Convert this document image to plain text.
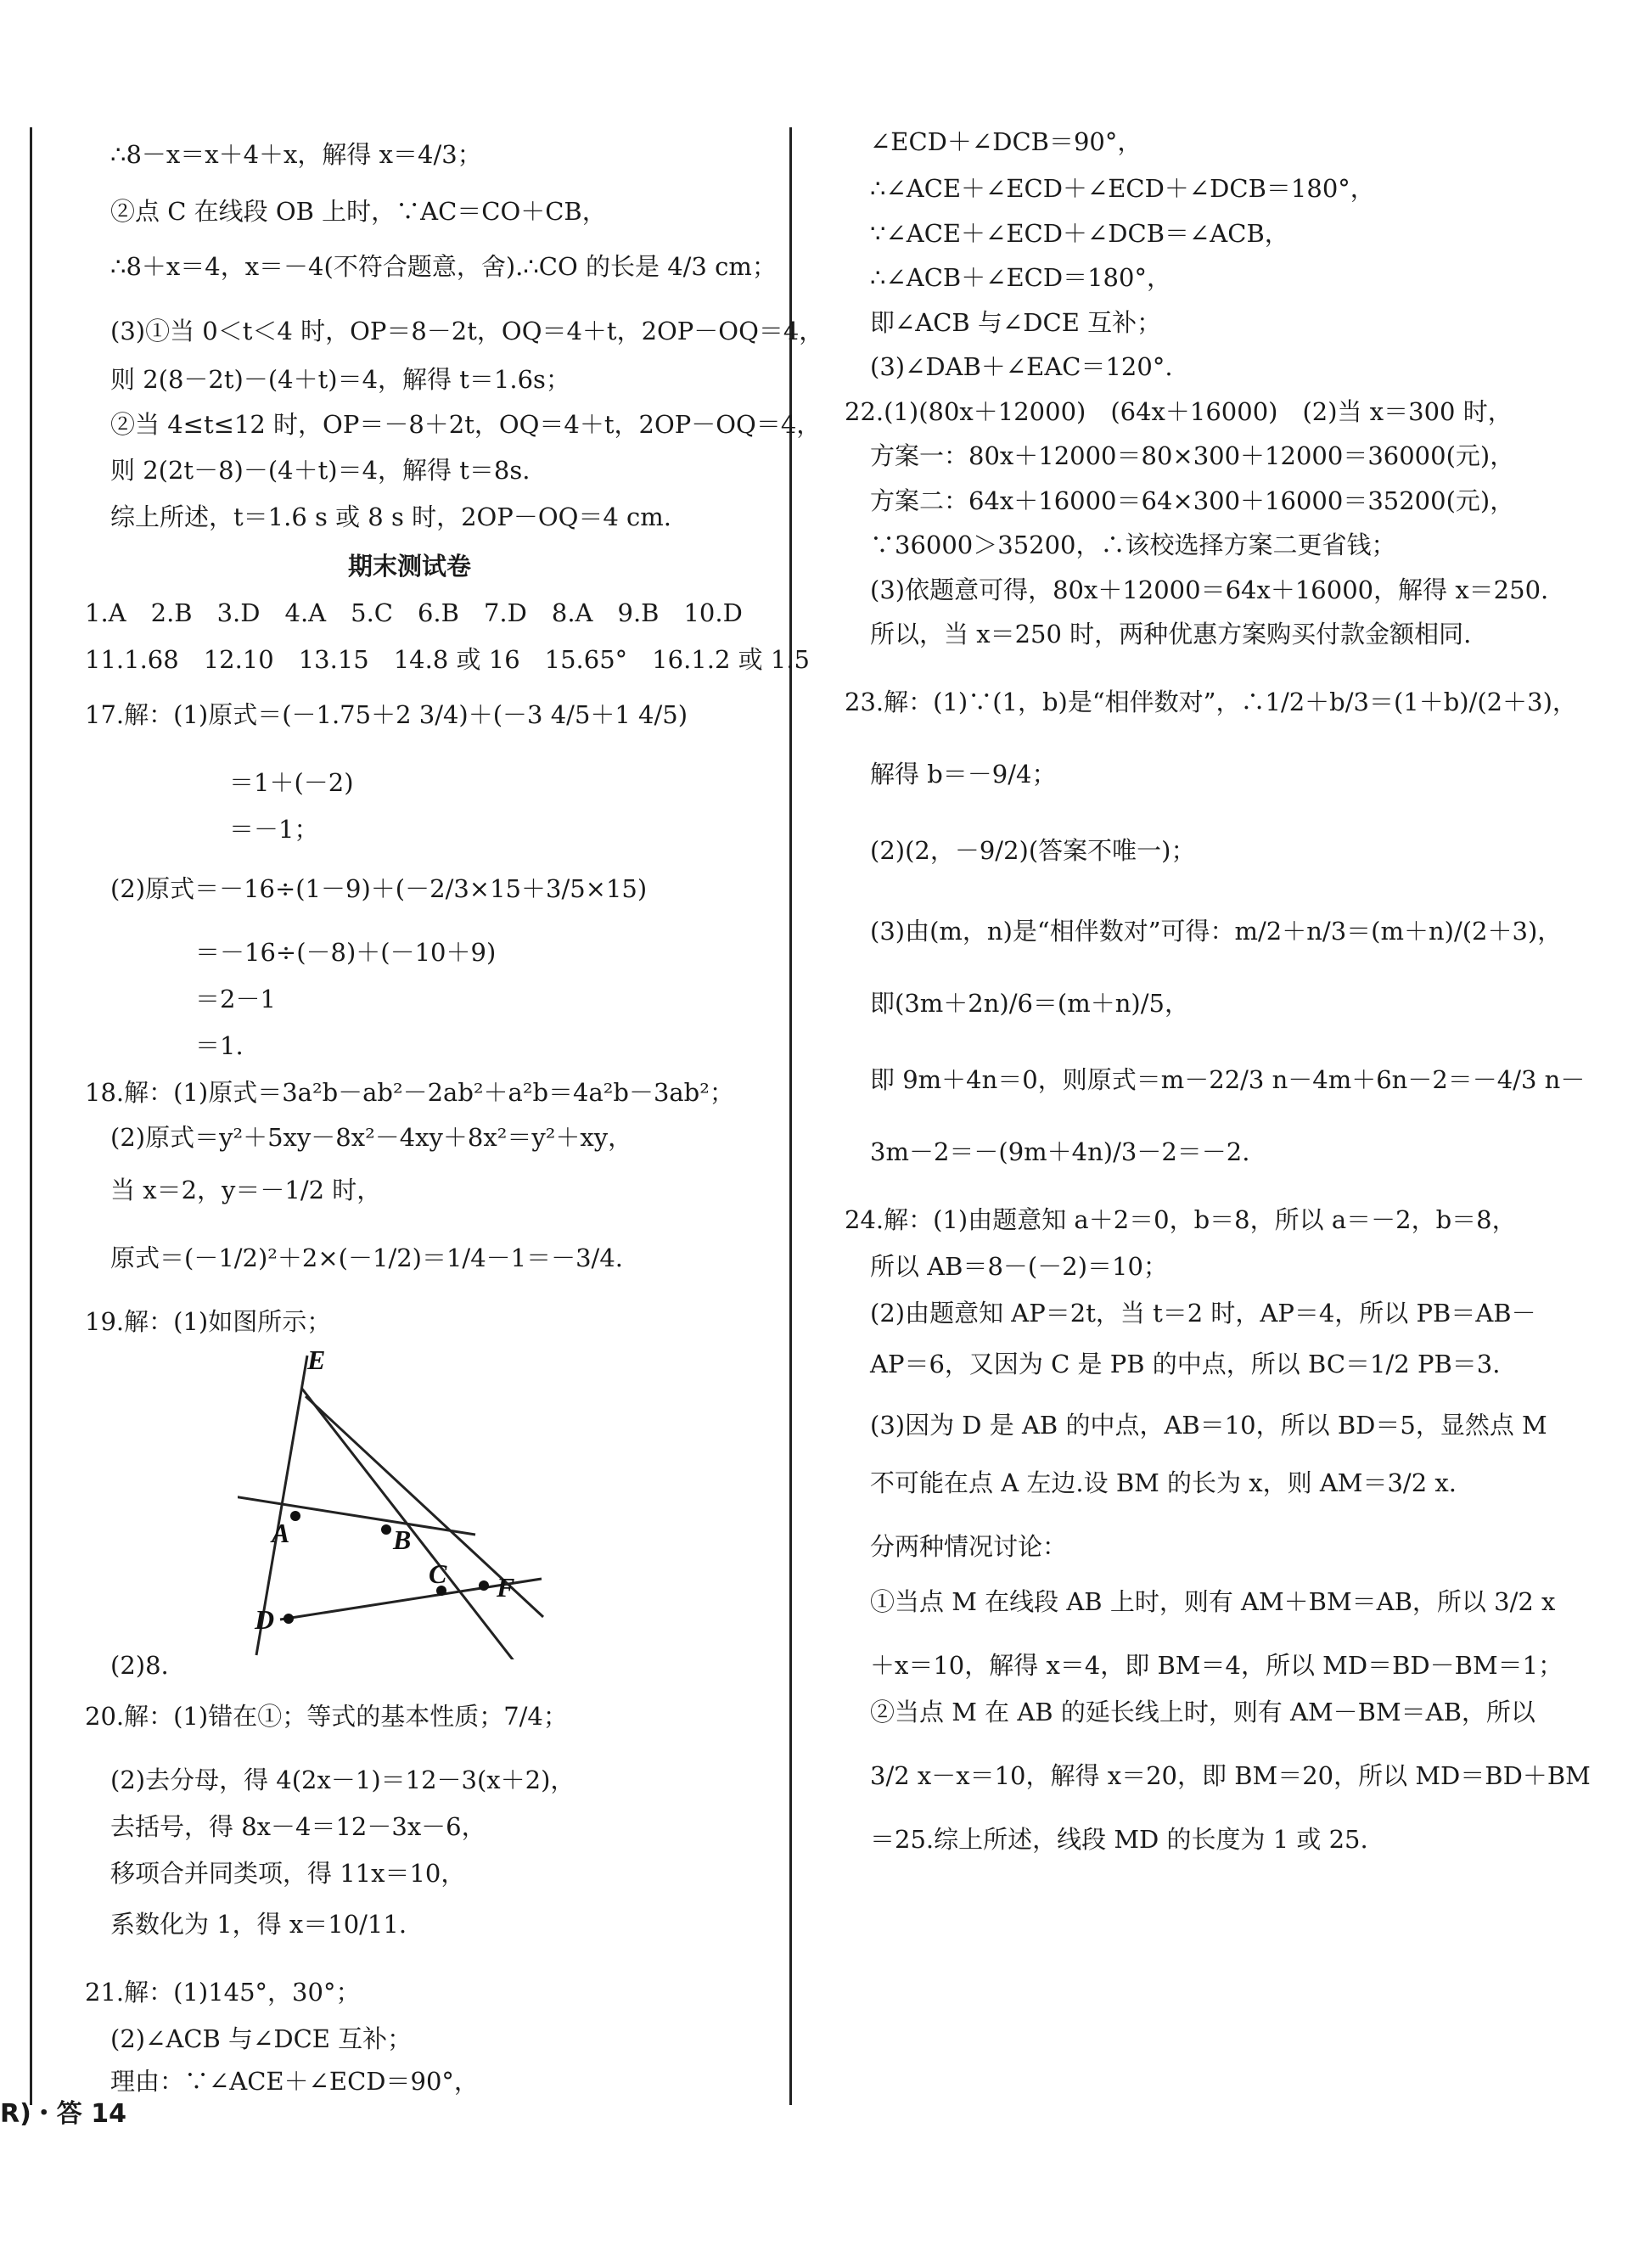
∴8－x＝x＋4＋x，解得 x＝4/3；
②点 C 在线段 OB 上时，∵AC＝CO＋CB，
∴8＋x＝4，x＝－4(不符合题意，舍).∴CO 的长是 4/3 cm；
(3)①当 0＜t＜4 时，OP＝8－2t，OQ＝4＋t，2OP－OQ＝4，
则 2(8－2t)－(4＋t)＝4，解得 t＝1.6s；
②当 4≤t≤12 时，OP＝－8＋2t，OQ＝4＋t，2OP－OQ＝4，
则 2(2t－8)－(4＋t)＝4，解得 t＝8s.
综上所述，t＝1.6 s 或 8 s 时，2OP－OQ＝4 cm.
期末测试卷
1.A　2.B　3.D　4.A　5.C　6.B　7.D　8.A　9.B　10.D
11.1.68　12.10　13.15　14.8 或 16　15.65°　16.1.2 或 1.5
17.解：(1)原式＝(－1.75＋2 3/4)＋(－3 4/5＋1 4/5)
＝1＋(－2)
＝－1；
(2)原式＝－16÷(1－9)＋(－2/3×15＋3/5×15)
＝－16÷(－8)＋(－10＋9)
＝2－1
＝1.
18.解：(1)原式＝3a²b－ab²－2ab²＋a²b＝4a²b－3ab²；
(2)原式＝y²＋5xy－8x²－4xy＋8x²＝y²＋xy，
当 x＝2，y＝－1/2 时，
原式＝(－1/2)²＋2×(－1/2)＝1/4－1＝－3/4.
19.解：(1)如图所示；
E
A	B
C F
D
(2)8.
20.解：(1)错在①；等式的基本性质；7/4；
(2)去分母，得 4(2x－1)＝12－3(x＋2)，
去括号，得 8x－4＝12－3x－6，
移项合并同类项，得 11x＝10，
系数化为 1，得 x＝10/11.
21.解：(1)145°，30°；
(2)∠ACB 与∠DCE 互补；
理由：∵∠ACE＋∠ECD＝90°，
∠ECD＋∠DCB＝90°，
∴∠ACE＋∠ECD＋∠ECD＋∠DCB＝180°，
∵∠ACE＋∠ECD＋∠DCB＝∠ACB，
∴∠ACB＋∠ECD＝180°，
即∠ACB 与∠DCE 互补；
(3)∠DAB＋∠EAC＝120°.
22.(1)(80x＋12000)　(64x＋16000)　(2)当 x＝300 时，
方案一：80x＋12000＝80×300＋12000＝36000(元)，
方案二：64x＋16000＝64×300＋16000＝35200(元)，
∵36000＞35200，∴该校选择方案二更省钱；
(3)依题意可得，80x＋12000＝64x＋16000，解得 x＝250.
所以，当 x＝250 时，两种优惠方案购买付款金额相同.
23.解：(1)∵(1，b)是“相伴数对”，∴1/2＋b/3＝(1＋b)/(2＋3)，
解得 b＝－9/4；
(2)(2，－9/2)(答案不唯一)；
(3)由(m，n)是“相伴数对”可得：m/2＋n/3＝(m＋n)/(2＋3)，
即(3m＋2n)/6＝(m＋n)/5，
即 9m＋4n＝0，则原式＝m－22/3 n－4m＋6n－2＝－4/3 n－
3m－2＝－(9m＋4n)/3－2＝－2.
24.解：(1)由题意知 a＋2＝0，b＝8，所以 a＝－2，b＝8，
所以 AB＝8－(－2)＝10；
(2)由题意知 AP＝2t，当 t＝2 时，AP＝4，所以 PB＝AB－
AP＝6，又因为 C 是 PB 的中点，所以 BC＝1/2 PB＝3.
(3)因为 D 是 AB 的中点，AB＝10，所以 BD＝5，显然点 M
不可能在点 A 左边.设 BM 的长为 x，则 AM＝3/2 x.
分两种情况讨论：
①当点 M 在线段 AB 上时，则有 AM＋BM＝AB，所以 3/2 x
＋x＝10，解得 x＝4，即 BM＝4，所以 MD＝BD－BM＝1；
②当点 M 在 AB 的延长线上时，则有 AM－BM＝AB，所以
3/2 x－x＝10，解得 x＝20，即 BM＝20，所以 MD＝BD＋BM
＝25.综上所述，线段 MD 的长度为 1 或 25.
R)・答 14
